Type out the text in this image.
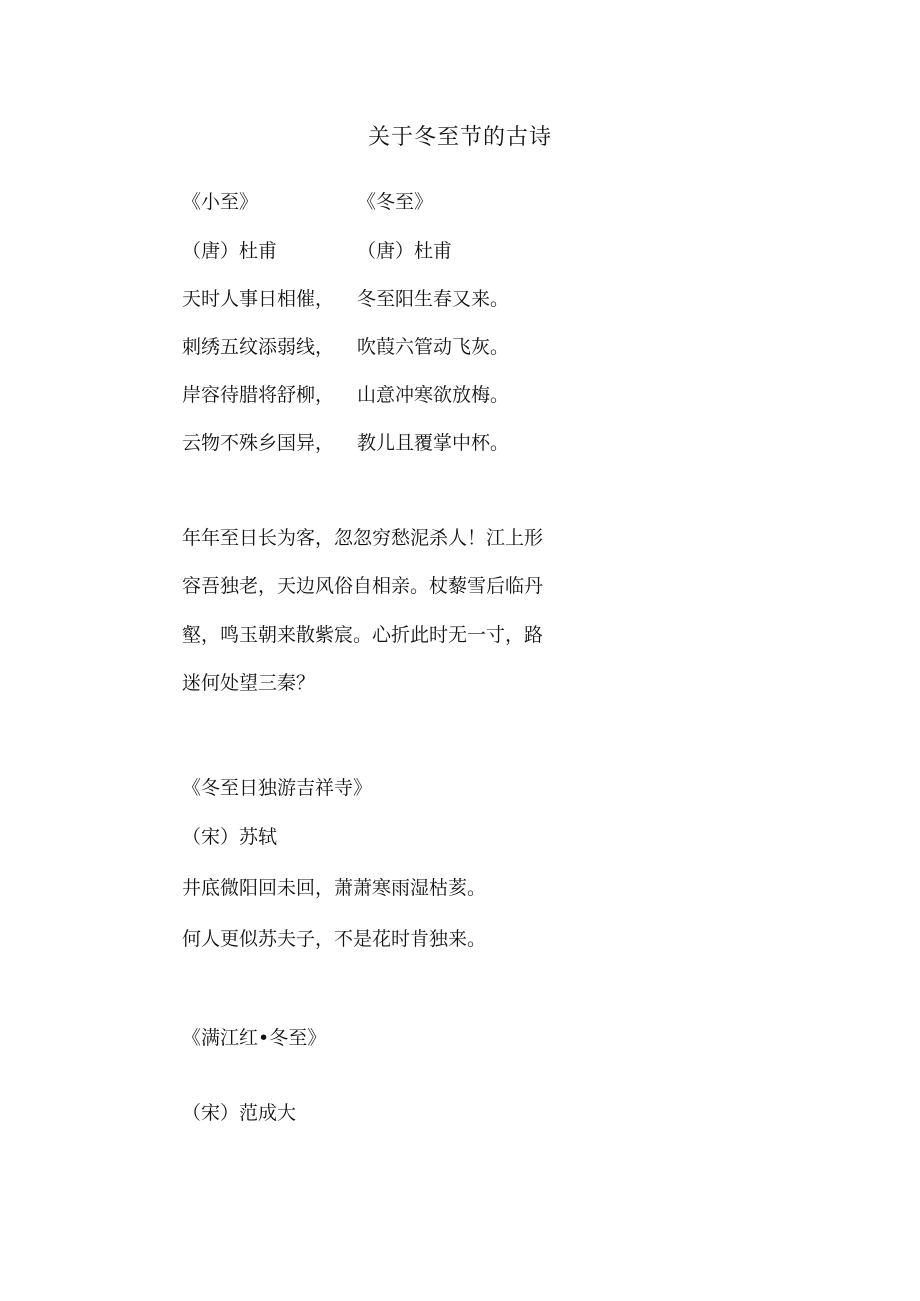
关于冬至节的古诗
《小至》
（唐）杜甫
天时人事日相催，
刺绣五纹添弱线，
岸容待腊将舒柳，
云物不殊乡国异，
《冬至》
（唐）杜甫
冬至阳生春又来。
吹葭六管动飞灰。
山意冲寒欲放梅。
教儿且覆掌中杯。
年年至日长为客，忽忽穷愁泥杀人！江上形
容吾独老，天边风俗自相亲。杖藜雪后临丹
壑，鸣玉朝来散紫宸。心折此时无一寸，路
迷何处望三秦？
《冬至日独游吉祥寺》
（宋）苏轼
井底微阳回未回，萧萧寒雨湿枯荄。
何人更似苏夫子，不是花时肯独来。
《满江红•冬至》
（宋）范成大
